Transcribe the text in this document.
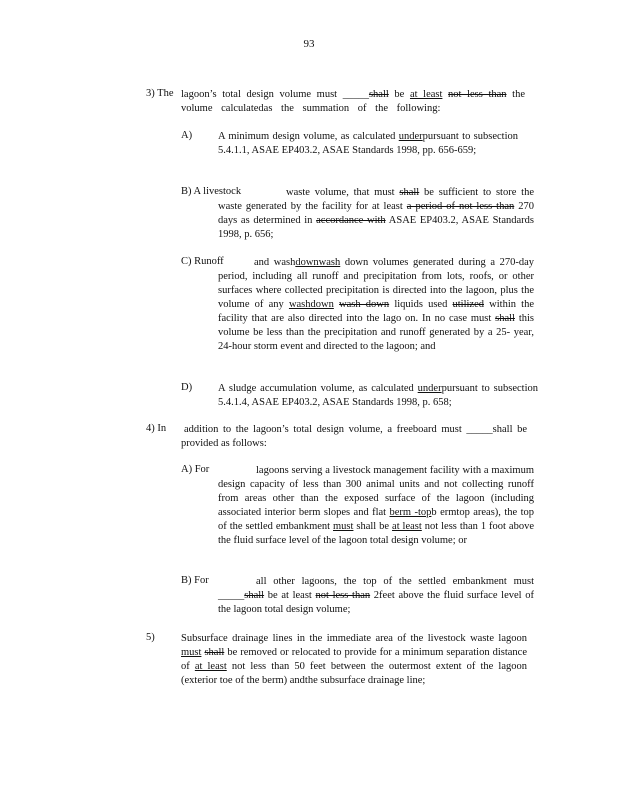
93
3) The lagoon’s total design volume must _____shall be at least not less than the

volume calculatedas the summation of the following:

A) A minimum design volume, as calculated underpursuant to subsection 5.4.1.1, ASAE EP403.2, ASAE Standards 1998, pp. 656-659;
B) A livestock	waste volume, that must shall be sufficient to store the waste generated by the facility for at least a period of not less than 270 days as determined in accordance with ASAE EP403.2, ASAE Standards 1998, p. 656;
C) Runoff	and washdownwash down volumes generated during a 270-day period, including all runoff and precipitation from lots, roofs, or other surfaces where collected precipitation is directed into the lagoon, plus the volume of any washdown wash down liquids used utilized within the facility that are also directed into the lago on. In no case must shall this volume be less than the precipitation and runoff generated by a 25- year, 24-hour storm event and directed to the lagoon; and
D) A sludge accumulation volume, as calculated underpursuant to subsection 5.4.1.4, ASAE EP403.2, ASAE Standards 1998, p. 658;
4) In addition to the lagoon’s total design volume, a freeboard must _____shall be provided as follows:
A) For	lagoons serving a livestock management facility with a maximum design capacity of less than 300 animal units and not collecting runoff from areas other than the exposed surface of the lagoon (including associated interior berm slopes and flat berm -topb ermtop areas), the top of the settled embankment must shall be at least not less than 1 foot above the fluid surface level of the lagoon total design volume; or
B) For	all other lagoons, the top of the settled embankment must _____shall be at least not less than 2feet above the fluid surface level of the lagoon total design volume;
5)	Subsurface drainage lines in the immediate area of the livestock waste lagoon must shall be removed or relocated to provide for a minimum separation distance of at least not less than 50 feet between the outermost extent of the lagoon (exterior toe of the berm) andthe subsurface drainage line;
